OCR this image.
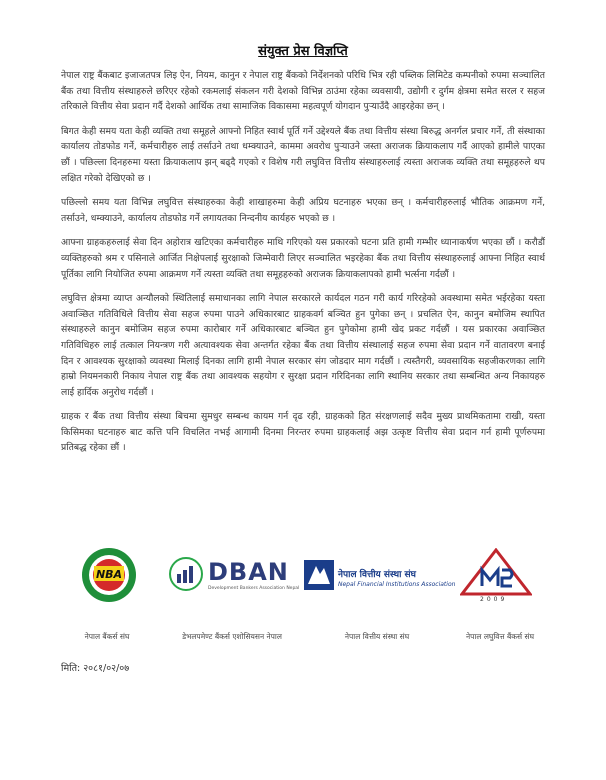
संयुक्त प्रेस विज्ञप्ति

नेपाल राष्ट्र बैंकबाट इजाजतपत्र लिइ ऐन, नियम, कानुन र नेपाल राष्ट्र बैंकको निर्देशनको परिधि भित्र रही पब्लिक लिमिटेड कम्पनीको रुपमा सञ्चालित बैंक तथा वित्तीय संस्थाहरुले छरिएर रहेको रकमलाई संकलन गरी देशको विभिन्न ठाउंमा रहेका व्यवसायी, उद्योगी र दुर्गम क्षेत्रमा समेत सरल र सहज तरिकाले वित्तीय सेवा प्रदान गर्दै देशको आर्थिक तथा सामाजिक विकासमा महत्वपूर्ण योगदान पुऱ्याउँदै आइरहेका छन् ।

बिगत केही समय यता केही व्यक्ति तथा समूहले आफ्नो निहित स्वार्थ पूर्ति गर्ने उद्देश्यले बैंक तथा वित्तीय संस्था बिरुद्ध अनर्गल प्रचार गर्ने, ती संस्थाका कार्यालय तोडफोड गर्ने, कर्मचारीहरु लाई तर्साउने तथा धम्क्याउने, काममा अवरोध पुऱ्याउने जस्ता अराजक क्रियाकलाप गर्दै आएको हामीले पाएका छौं । पछिल्ला दिनहरुमा यस्ता क्रियाकलाप झन् बढ्दै गएको र विशेष गरी लघुवित्त वित्तीय संस्थाहरुलाई त्यस्ता अराजक व्यक्ति तथा समूहहरुले थप लक्षित गरेको देखिएको छ ।

पछिल्लो समय यता विभिन्न लघुवित्त संस्थाहरुका केही शाखाहरुमा केही अप्रिय घटनाहरु भएका छन् । कर्मचारीहरुलाई भौतिक आक्रमण गर्ने, तर्साउने, धम्क्याउने, कार्यालय तोडफोड गर्ने लगायतका निन्दनीय कार्यहरु भएको छ ।

आफ्ना ग्राहकहरुलाई सेवा दिन अहोरात्र खटिएका कर्मचारीहरु माथि गरिएको यस प्रकारको घटना प्रति हामी गम्भीर ध्यानाकर्षण भएका छौं । करौडौं व्यक्तिहरुको श्रम र पसिनाले आर्जित निक्षेपलाई सुरक्षाको जिम्मेवारी लिएर सञ्चालित भइरहेका बैंक तथा वित्तीय संस्थाहरुलाई आफ्ना निहित स्वार्थ पूर्तिका लागि नियोजित रुपमा आक्रमण गर्ने त्यस्ता व्यक्ति तथा समूहहरुको अराजक क्रियाकलापको हामी भर्त्सना गर्दछौं ।

लघुवित्त क्षेत्रमा व्याप्त अन्यौलको स्थितिलाई समाधानका लागि नेपाल सरकारले कार्यदल गठन गरी कार्य गरिरहेको अवस्थामा समेत भईरहेका यस्ता अवाञ्छित गतिविधिले वित्तीय सेवा सहज रुपमा पाउने अधिकारबाट ग्राहकवर्ग बञ्चित हुन पुगेका छन् । प्रचलित ऐन, कानुन बमोजिम स्थापित संस्थाहरुले कानुन बमोजिम सहज रुपमा कारोबार गर्ने अधिकारबाट बञ्चित हुन पुगेकोमा हामी खेद प्रकट गर्दछौं । यस प्रकारका अवाञ्छित गतिविधिहरु लाई तत्काल नियन्त्रण गरी अत्यावश्यक सेवा अन्तर्गत रहेका बैंक तथा वित्तीय संस्थालाई सहज रुपमा सेवा प्रदान गर्ने वातावरण बनाई दिन र आवश्यक सुरक्षाको व्यवस्था मिलाई दिनका लागि हामी नेपाल सरकार संग जोडदार माग गर्दछौं । त्यस्तैगरी, व्यवसायिक सहजीकरणका लागि हाम्रो नियमनकारी निकाय नेपाल राष्ट्र बैंक तथा आवश्यक सहयोग र सुरक्षा प्रदान गरिदिनका लागि स्थानिय सरकार तथा सम्बन्धित अन्य निकायहरु लाई हार्दिक अनुरोध गर्दछौं ।

ग्राहक र बैंक तथा वित्तीय संस्था बिचमा सुमधुर सम्बन्ध कायम गर्न दृढ रही, ग्राहकको हित संरक्षणलाई सदैव मुख्य प्राथमिकतामा राखी, यस्ता किसिमका घटनाहरु बाट कत्ति पनि विचलित नभई आगामी दिनमा निरन्तर रुपमा ग्राहकलाई अझ उत्कृष्ट वित्तीय सेवा प्रदान गर्न हामी पूर्णरुपमा प्रतिबद्ध रहेका छौं ।

NBA	DBAN
Development Bankers Association Nepal
नेपाल वित्तीय संस्था संघ
Nepal Financial Institutions Association
2009
नेपाल बैंकर्स संघ	डेभलपमेण्ट बैंकर्स एशोसियसन नेपाल	नेपाल वित्तीय संस्था संघ	नेपाल लघुवित्त बैंकर्स संघ
मिति: २०८१/०२/०७
